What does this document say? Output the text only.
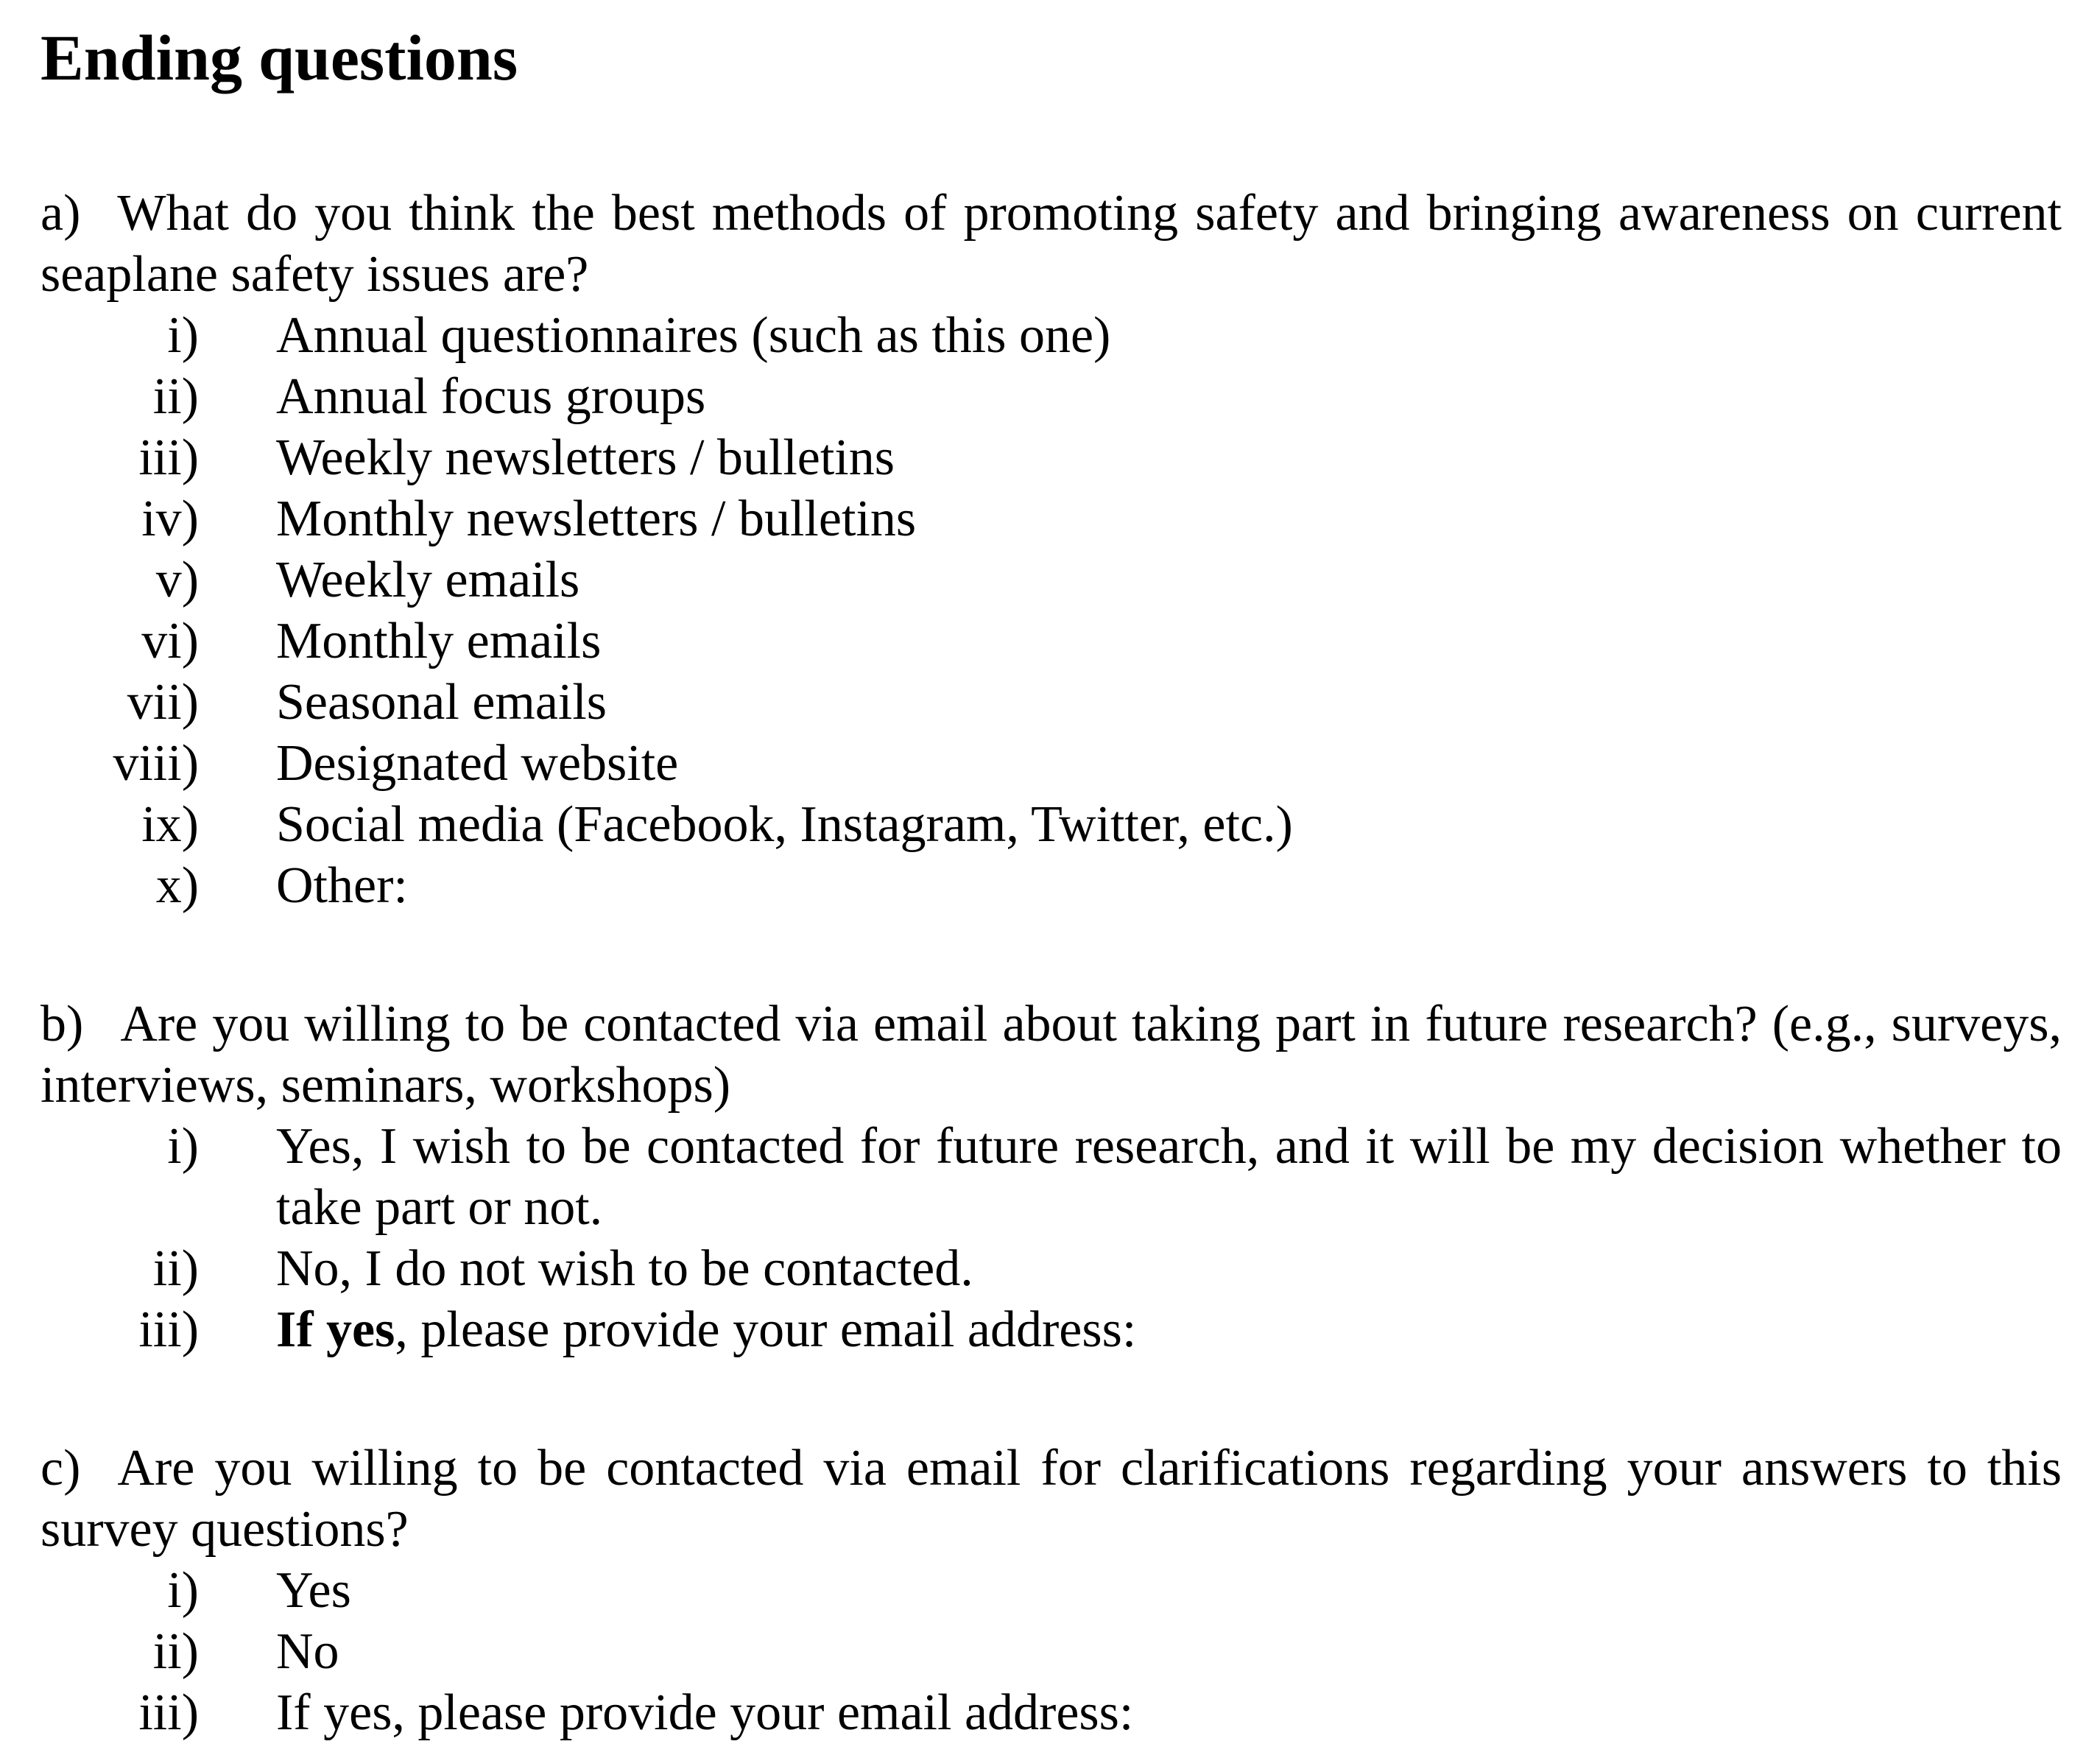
Ending questions

a) What do you think the best methods of promoting safety and bringing awareness on current seaplane safety issues are?

i) Annual questionnaires (such as this one)
ii) Annual focus groups
iii) Weekly newsletters / bulletins
iv) Monthly newsletters / bulletins
v) Weekly emails
vi) Monthly emails
vii) Seasonal emails
viii) Designated website
ix) Social media (Facebook, Instagram, Twitter, etc.)
x) Other:

b) Are you willing to be contacted via email about taking part in future research? (e.g., surveys, interviews, seminars, workshops)

i) Yes, I wish to be contacted for future research, and it will be my decision whether to take part or not.
ii) No, I do not wish to be contacted.
iii) If yes, please provide your email address:

c) Are you willing to be contacted via email for clarifications regarding your answers to this survey questions?

i) Yes
ii) No
iii) If yes, please provide your email address:
